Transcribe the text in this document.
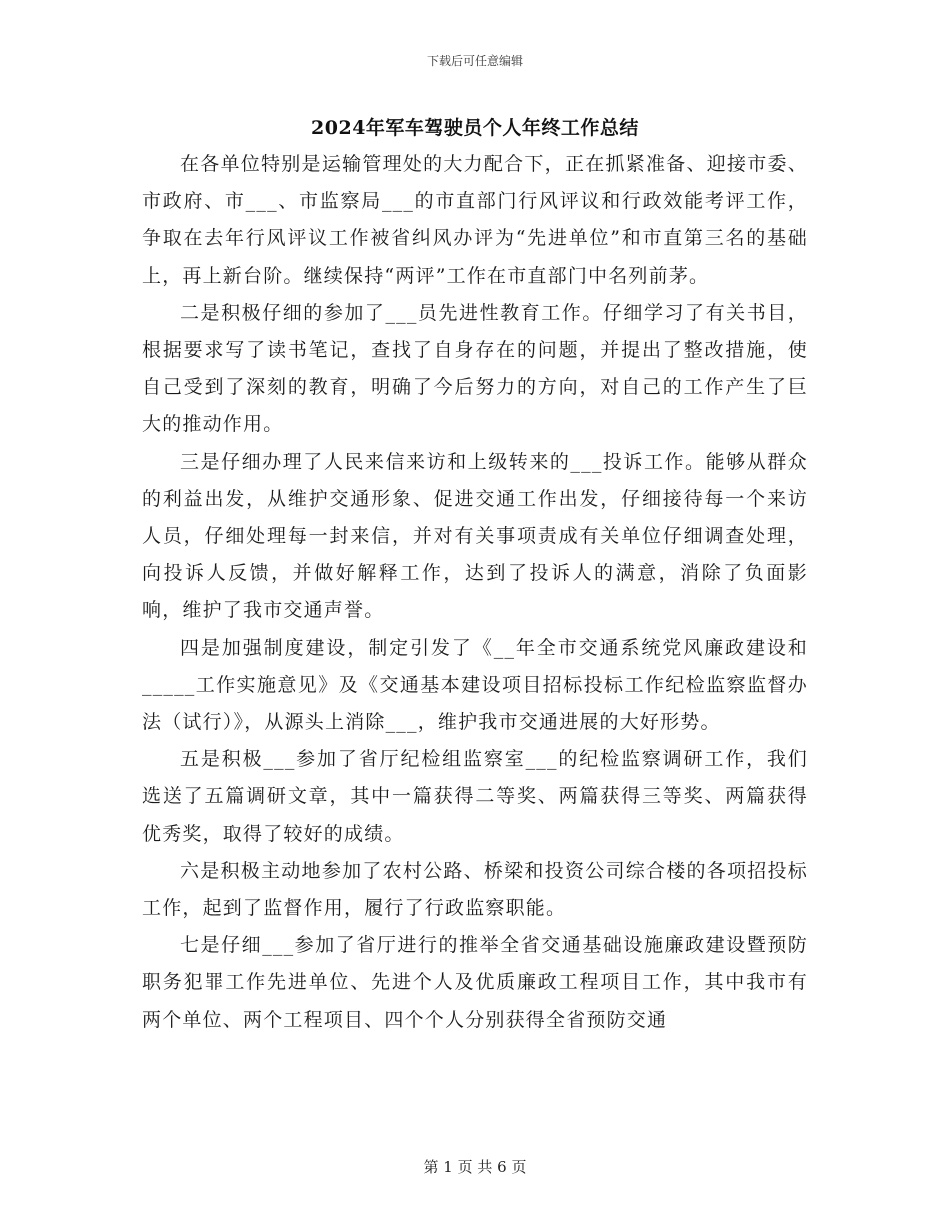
下载后可任意编辑
2024年军车驾驶员个人年终工作总结

在各单位特别是运输管理处的大力配合下，正在抓紧准备、迎接市委、市政府、市___、市监察局___的市直部门行风评议和行政效能考评工作，争取在去年行风评议工作被省纠风办评为“先进单位”和市直第三名的基础上，再上新台阶。继续保持“两评”工作在市直部门中名列前茅。

二是积极仔细的参加了___员先进性教育工作。仔细学习了有关书目，根据要求写了读书笔记，查找了自身存在的问题，并提出了整改措施，使自己受到了深刻的教育，明确了今后努力的方向，对自己的工作产生了巨大的推动作用。

三是仔细办理了人民来信来访和上级转来的___投诉工作。能够从群众的利益出发，从维护交通形象、促进交通工作出发，仔细接待每一个来访人员，仔细处理每一封来信，并对有关事项责成有关单位仔细调查处理，向投诉人反馈，并做好解释工作，达到了投诉人的满意，消除了负面影响，维护了我市交通声誉。

四是加强制度建设，制定引发了《__年全市交通系统党风廉政建设和_____工作实施意见》及《交通基本建设项目招标投标工作纪检监察监督办法（试行）》，从源头上消除___，维护我市交通进展的大好形势。

五是积极___参加了省厅纪检组监察室___的纪检监察调研工作，我们选送了五篇调研文章，其中一篇获得二等奖、两篇获得三等奖、两篇获得优秀奖，取得了较好的成绩。

六是积极主动地参加了农村公路、桥梁和投资公司综合楼的各项招投标工作，起到了监督作用，履行了行政监察职能。

七是仔细___参加了省厅进行的推举全省交通基础设施廉政建设暨预防职务犯罪工作先进单位、先进个人及优质廉政工程项目工作，其中我市有两个单位、两个工程项目、四个个人分别获得全省预防交通

第 1 页 共 6 页
